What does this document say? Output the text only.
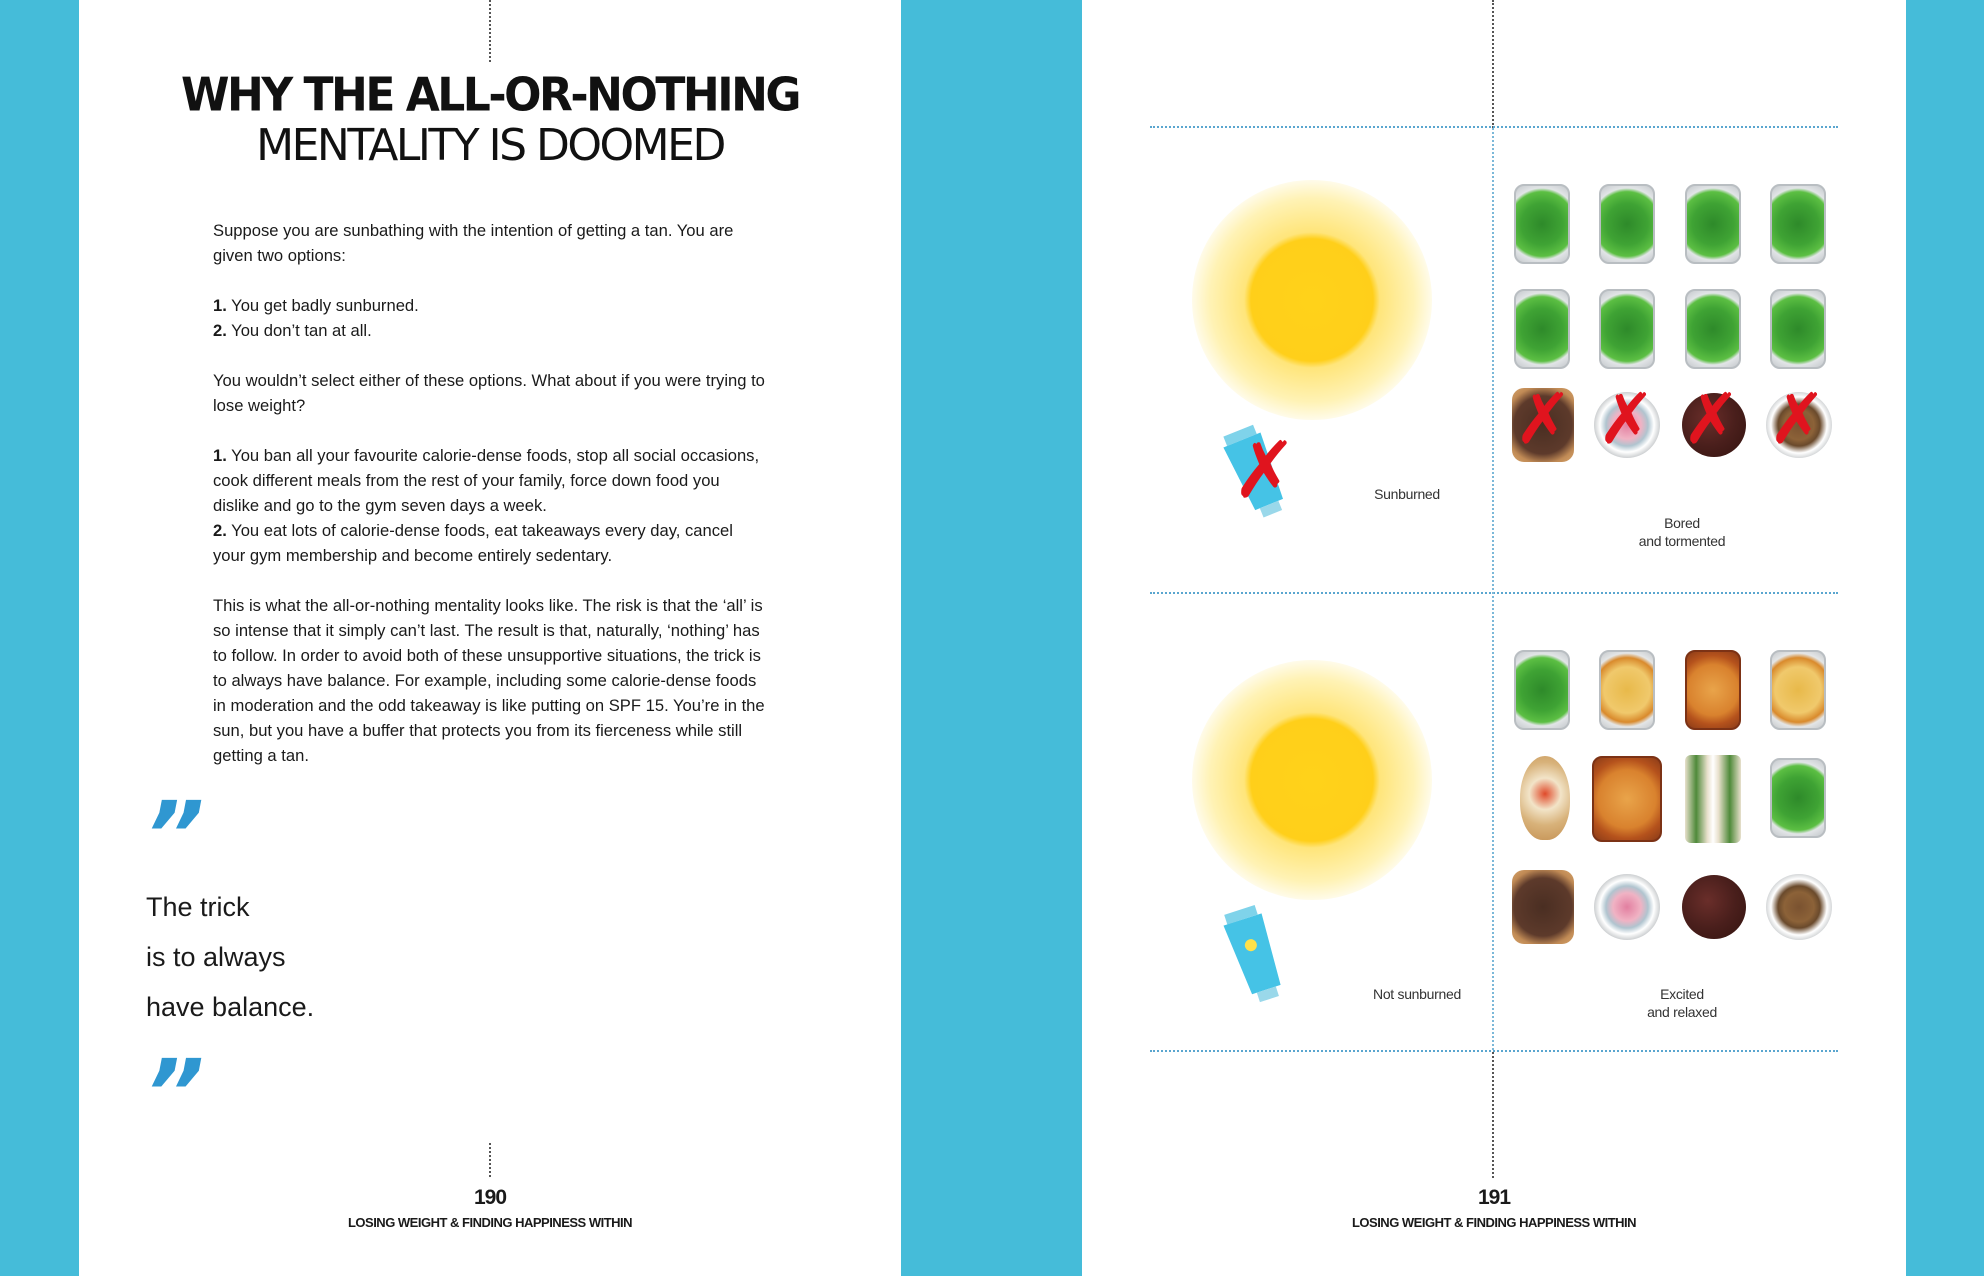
WHY THE ALL-OR-NOTHING
MENTALITY IS DOOMED

Suppose you are sunbathing with the intention of getting a tan. You are given two options:

1. You get badly sunburned.

2. You don’t tan at all.

You wouldn’t select either of these options. What about if you were trying to lose weight?

1. You ban all your favourite calorie-dense foods, stop all social occasions, cook different meals from the rest of your family, force down food you dislike and go to the gym seven days a week.

2. You eat lots of calorie-dense foods, eat takeaways every day, cancel your gym membership and become entirely sedentary.

This is what the all-or-nothing mentality looks like. The risk is that the ‘all’ is so intense that it simply can’t last. The result is that, naturally, ‘nothing’ has to follow. In order to avoid both of these unsupportive situations, the trick is to always have balance. For example, including some calorie-dense foods in moderation and the odd takeaway is like putting on SPF 15. You’re in the sun, but you have a buffer that protects you from its fierceness while still getting a tan.

”
The trick
is to always
have balance.
”
190
LOSING WEIGHT & FINDING HAPPINESS WITHIN
✗	Sunburned
✗ ✗ ✗ ✗
Bored
and tormented
Not sunburned	Excited
and relaxed
191
LOSING WEIGHT & FINDING HAPPINESS WITHIN
